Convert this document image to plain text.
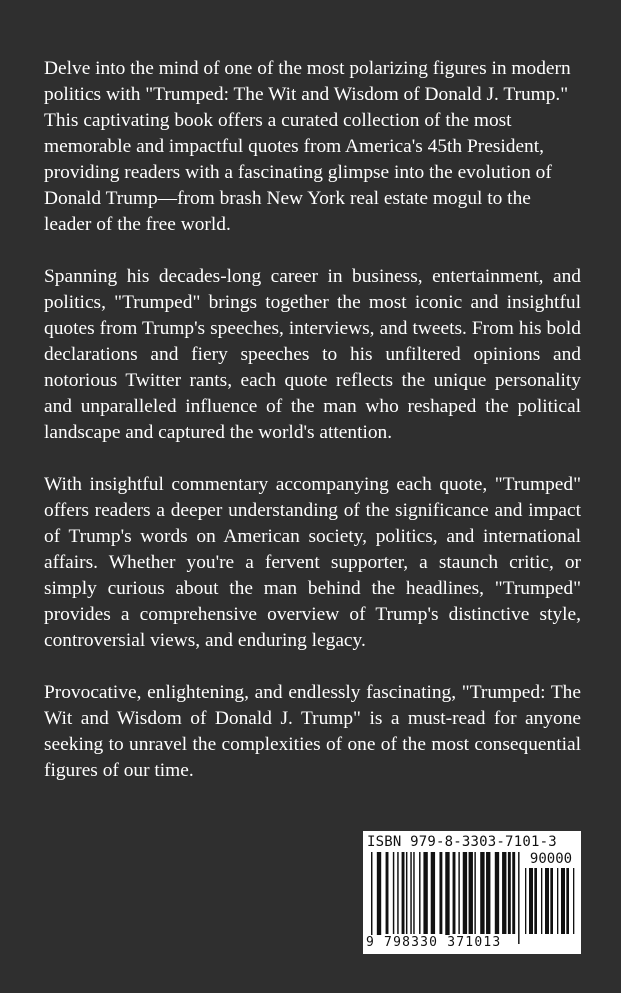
Delve into the mind of one of the most polarizing figures in modern politics with "Trumped: The Wit and Wisdom of Donald J. Trump." This captivating book offers a curated collection of the most memorable and impactful quotes from America's 45th President, providing readers with a fascinating glimpse into the evolution of Donald Trump—from brash New York real estate mogul to the leader of the free world.

Spanning his decades-long career in business, entertainment, and politics, "Trumped" brings together the most iconic and insightful quotes from Trump's speeches, interviews, and tweets. From his bold declarations and fiery speeches to his unfiltered opinions and notorious Twitter rants, each quote reflects the unique personality and unparalleled influence of the man who reshaped the political landscape and captured the world's attention.

With insightful commentary accompanying each quote, "Trumped" offers readers a deeper understanding of the significance and impact of Trump's words on American society, politics, and international affairs. Whether you're a fervent supporter, a staunch critic, or simply curious about the man behind the headlines, "Trumped" provides a comprehensive overview of Trump's distinctive style, controversial views, and enduring legacy.

Provocative, enlightening, and endlessly fascinating, "Trumped: The Wit and Wisdom of Donald J. Trump" is a must-read for anyone seeking to unravel the complexities of one of the most consequential figures of our time.

ISBN 979-8-3303-7101-3
90000
9 798330 371013
